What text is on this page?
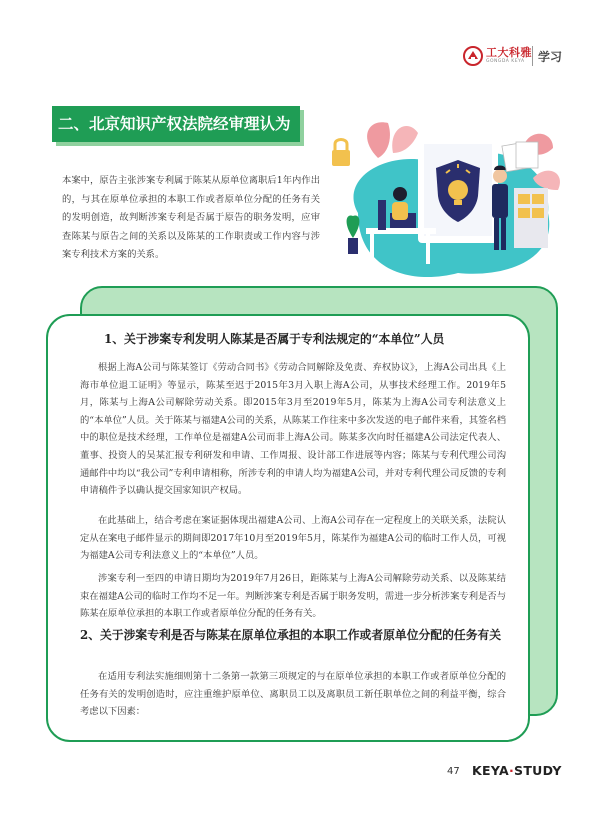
工大科雅
GONGDA KEYA	学习
二、北京知识产权法院经审理认为
本案中，原告主张涉案专利属于陈某从原单位离职后1年内作出的，与其在原单位承担的本职工作或者原单位分配的任务有关的发明创造，故判断涉案专利是否属于原告的职务发明，应审查陈某与原告之间的关系以及陈某的工作职责或工作内容与涉案专利技术方案的关系。
1、关于涉案专利发明人陈某是否属于专利法规定的“本单位”人员
根据上海A公司与陈某签订《劳动合同书》《劳动合同解除及免责、弃权协议》，上海A公司出具《上海市单位退工证明》等显示，陈某至迟于2015年3月入职上海A公司，从事技术经理工作。2019年5月，陈某与上海A公司解除劳动关系。即2015年3月至2019年5月，陈某为上海A公司专利法意义上的“本单位”人员。关于陈某与福建A公司的关系，从陈某工作往来中多次发送的电子邮件来看，其签名档中的职位是技术经理，工作单位是福建A公司而非上海A公司。陈某多次向时任福建A公司法定代表人、董事、投资人的吴某汇报专利研发和申请、工作周报、设计部工作进展等内容；陈某与专利代理公司沟通邮件中均以“我公司”专利申请相称，所涉专利的申请人均为福建A公司，并对专利代理公司反馈的专利申请稿件予以确认提交国家知识产权局。
在此基础上，结合考虑在案证据体现出福建A公司、上海A公司存在一定程度上的关联关系，法院认定从在案电子邮件显示的期间即2017年10月至2019年5月，陈某作为福建A公司的临时工作人员，可视为福建A公司专利法意义上的“本单位”人员。
涉案专利一至四的申请日期均为2019年7月26日，距陈某与上海A公司解除劳动关系、以及陈某结束在福建A公司的临时工作均不足一年。判断涉案专利是否属于职务发明，需进一步分析涉案专利是否与陈某在原单位承担的本职工作或者原单位分配的任务有关。
2、关于涉案专利是否与陈某在原单位承担的本职工作或者原单位分配的任务有关
在适用专利法实施细则第十二条第一款第三项规定的与在原单位承担的本职工作或者原单位分配的任务有关的发明创造时，应注重维护原单位、离职员工以及离职员工新任职单位之间的利益平衡，综合考虑以下因素：
47 KEYA·STUDY
